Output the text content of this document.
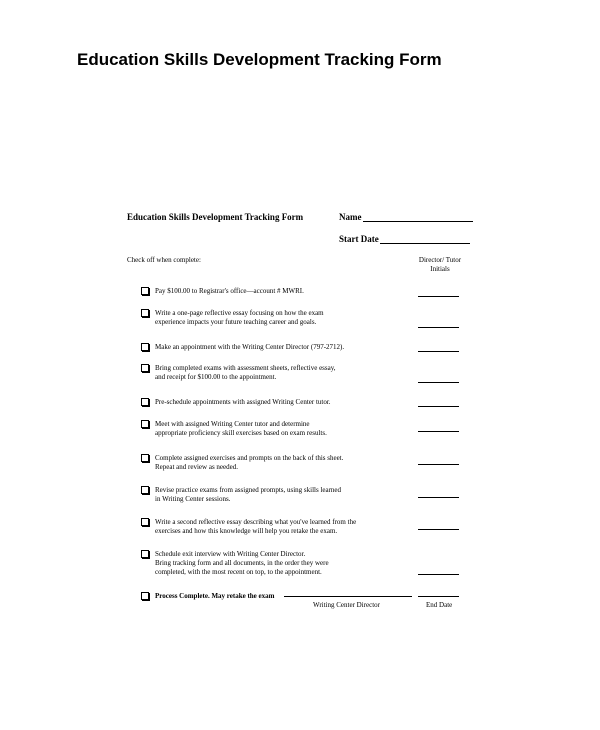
Education Skills Development Tracking Form
Education Skills Development Tracking Form	Name
Start Date
Check off when complete:	Director/ Tutor
Initials
Pay $100.00 to Registrar's office—account # MWRI.
Write a one-page reflective essay focusing on how the exam
experience impacts your future teaching career and goals.
Make an appointment with the Writing Center Director (797-2712).
Bring completed exams with assessment sheets, reflective essay,
and receipt for $100.00 to the appointment.
Pre-schedule appointments with assigned Writing Center tutor.
Meet with assigned Writing Center tutor and determine
appropriate proficiency skill exercises based on exam results.
Complete assigned exercises and prompts on the back of this sheet.
Repeat and review as needed.
Revise practice exams from assigned prompts, using skills learned
in Writing Center sessions.
Write a second reflective essay describing what you've learned from the
exercises and how this knowledge will help you retake the exam.
Schedule exit interview with Writing Center Director.
Bring tracking form and all documents, in the order they were
completed, with the most recent on top, to the appointment.
Process Complete. May retake the exam
Writing Center Director	End Date
